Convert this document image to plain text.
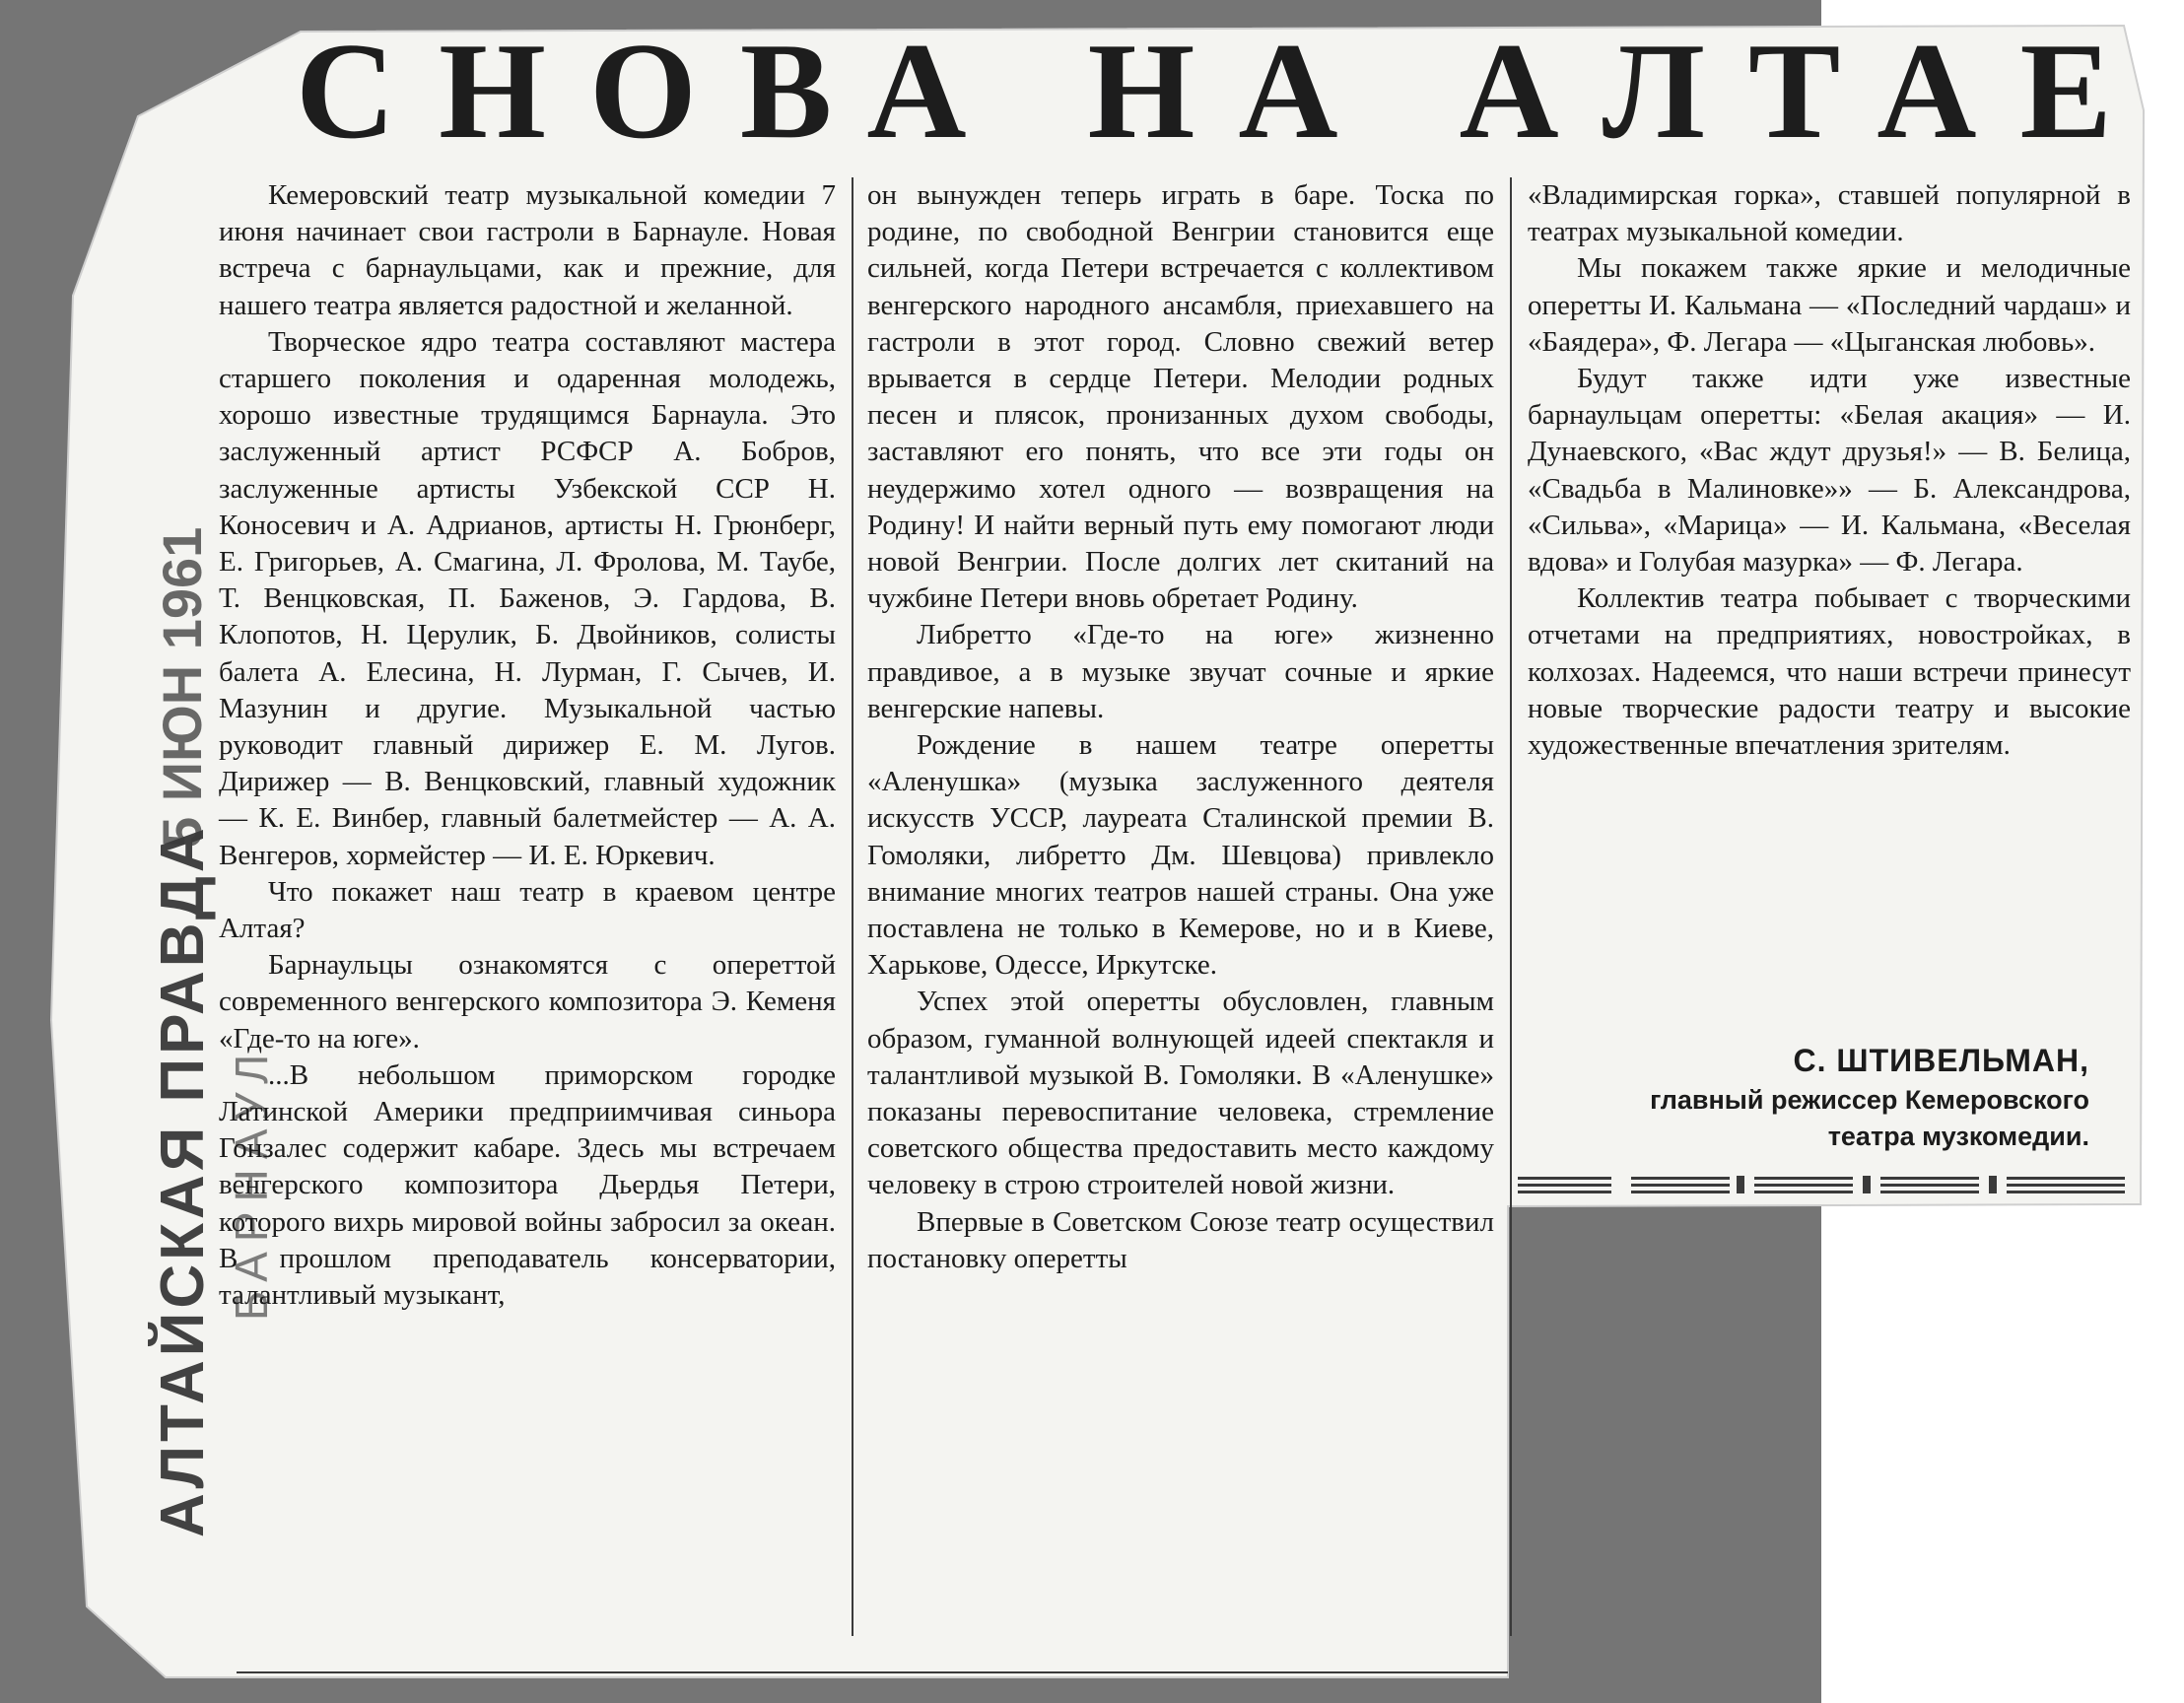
СНОВА НА АЛТАЕ
АЛТАЙСКАЯ ПРАВДА
5 ИЮН 1961
БАРНАУЛ

Кемеровский театр музыкальной комедии 7 июня начинает свои гастроли в Барнауле. Новая встреча с барнаульцами, как и прежние, для нашего театра является радостной и желанной.

Творческое ядро театра составляют мастера старшего поколения и одаренная молодежь, хорошо известные трудящимся Барнаула. Это заслуженный артист РСФСР А. Бобров, заслуженные артисты Узбекской ССР Н. Коносевич и А. Адрианов, артисты Н. Грюнберг, Е. Григорьев, А. Смагина, Л. Фролова, М. Таубе, Т. Венцковская, П. Баженов, Э. Гардова, В. Клопотов, Н. Церулик, Б. Двойников, солисты балета А. Елесина, Н. Лурман, Г. Сычев, И. Мазунин и другие. Музыкальной частью руководит главный дирижер Е. М. Лугов. Дирижер — В. Венцковский, главный художник — К. Е. Винбер, главный балетмейстер — А. А. Венгеров, хормейстер — И. Е. Юркевич.

Что покажет наш театр в краевом центре Алтая?

Барнаульцы ознакомятся с опереттой современного венгерского композитора Э. Кеменя «Где-то на юге».

...В небольшом приморском городке Латинской Америки предприимчивая синьора Гонзалес содержит кабаре. Здесь мы встречаем венгерского композитора Дьердья Петери, которого вихрь мировой войны забросил за океан. В прошлом преподаватель консерватории, талантливый музыкант,

он вынужден теперь играть в баре. Тоска по родине, по свободной Венгрии становится еще сильней, когда Петери встречается с коллективом венгерского народного ансамбля, приехавшего на гастроли в этот город. Словно свежий ветер врывается в сердце Петери. Мелодии родных песен и плясок, пронизанных духом свободы, заставляют его понять, что все эти годы он неудержимо хотел одного — возвращения на Родину! И найти верный путь ему помогают люди новой Венгрии. После долгих лет скитаний на чужбине Петери вновь обретает Родину.

Либретто «Где-то на юге» жизненно правдивое, а в музыке звучат сочные и яркие венгерские напевы.

Рождение в нашем театре оперетты «Аленушка» (музыка заслуженного деятеля искусств УССР, лауреата Сталинской премии В. Гомоляки, либретто Дм. Шевцова) привлекло внимание многих театров нашей страны. Она уже поставлена не только в Кемерове, но и в Киеве, Харькове, Одессе, Иркутске.

Успех этой оперетты обусловлен, главным образом, гуманной волнующей идеей спектакля и талантливой музыкой В. Гомоляки. В «Аленушке» показаны перевоспитание человека, стремление советского общества предоставить место каждому человеку в строю строителей новой жизни.

Впервые в Советском Союзе театр осуществил постановку оперетты

«Владимирская горка», ставшей популярной в театрах музыкальной комедии.

Мы покажем также яркие и мелодичные оперетты И. Кальмана — «Последний чардаш» и «Баядера», Ф. Легара — «Цыганская любовь».

Будут также идти уже известные барнаульцам оперетты: «Белая акация» — И. Дунаевского, «Вас ждут друзья!» — В. Белица, «Свадьба в Малиновке»» — Б. Александрова, «Сильва», «Марица» — И. Кальмана, «Веселая вдова» и Голубая мазурка» — Ф. Легара.

Коллектив театра побывает с творческими отчетами на предприятиях, новостройках, в колхозах. Надеемся, что наши встречи принесут новые творческие радости театру и высокие художественные впечатления зрителям.

С. ШТИВЕЛЬМАН,
главный режиссер Кемеровского
театра музкомедии.
